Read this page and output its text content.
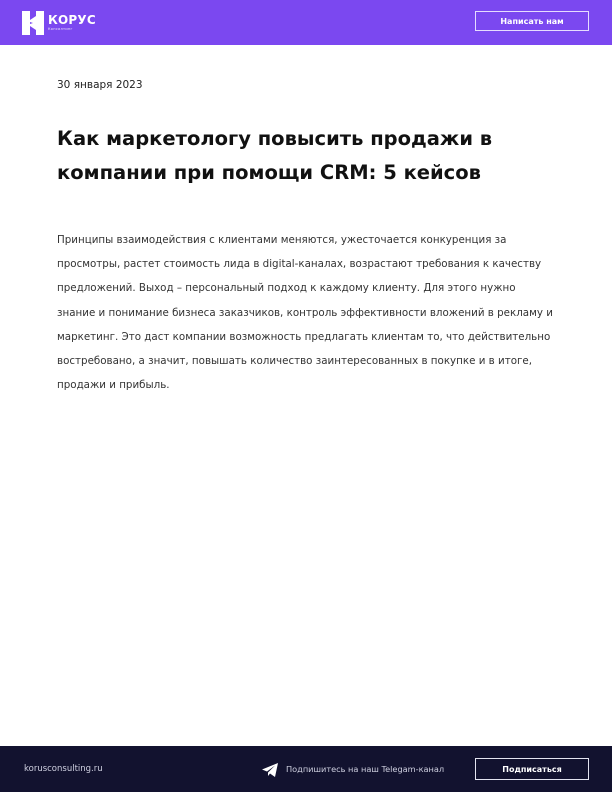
КОРУС
Консалтинг
Написать нам
30 января 2023
Как маркетологу повысить продажи в компании при помощи CRM: 5 кейсов

Принципы взаимодействия с клиентами меняются, ужесточается конкуренция за просмотры, растет стоимость лида в digital-каналах, возрастают требования к качеству предложений. Выход – персональный подход к каждому клиенту. Для этого нужно знание и понимание бизнеса заказчиков, контроль эффективности вложений в рекламу и маркетинг. Это даст компании возможность предлагать клиентам то, что действительно востребовано, а значит, повышать количество заинтересованных в покупке и в итоге, продажи и прибыль.

korusconsulting.ru	Подпишитесь на наш Telegam-канал	Подписаться
